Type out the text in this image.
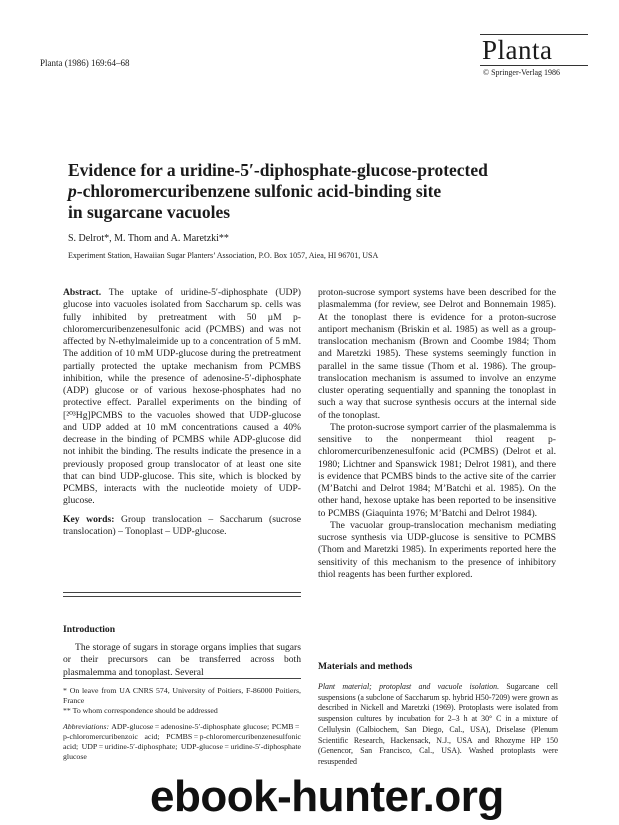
Planta (1986) 169:64–68	Planta
© Springer-Verlag 1986
Evidence for a uridine-5′-diphosphate-glucose-protected
p-chloromercuribenzene sulfonic acid-binding site
in sugarcane vacuoles
S. Delrot*, M. Thom and A. Maretzki**
Experiment Station, Hawaiian Sugar Planters’ Association, P.O. Box 1057, Aiea, HI 96701, USA

Abstract. The uptake of uridine-5′-diphosphate (UDP) glucose into vacuoles isolated from Saccharum sp. cells was fully inhibited by pretreatment with 50 µM p-chloromercuribenzenesulfonic acid (PCMBS) and was not affected by N-ethylmaleimide up to a concentration of 5 mM. The addition of 10 mM UDP-glucose during the pretreatment partially protected the uptake mechanism from PCMBS inhibition, while the presence of adenosine-5′-diphosphate (ADP) glucose or of various hexose-phosphates had no protective effect. Parallel experiments on the binding of [²⁰³Hg]PCMBS to the vacuoles showed that UDP-glucose and UDP added at 10 mM concentrations caused a 40% decrease in the binding of PCMBS while ADP-glucose did not inhibit the binding. The results indicate the presence in a previously proposed group translocator of at least one site that can bind UDP-glucose. This site, which is blocked by PCMBS, interacts with the nucleotide moiety of UDP-glucose.

Key words: Group translocation – Saccharum (sucrose translocation) – Tonoplast – UDP-glucose.

Introduction

The storage of sugars in storage organs implies that sugars or their precursors can be transferred across both plasmalemma and tonoplast. Several

* On leave from UA CNRS 574, University of Poitiers, F-86000 Poitiers, France

** To whom correspondence should be addressed

Abbreviations: ADP-glucose = adenosine-5′-diphosphate glucose; PCMB = p-chloromercuribenzoic acid; PCMBS = p-chloromercuribenzenesulfonic acid; UDP = uridine-5′-diphosphate; UDP-glucose = uridine-5′-diphosphate glucose

proton-sucrose symport systems have been described for the plasmalemma (for review, see Delrot and Bonnemain 1985). At the tonoplast there is evidence for a proton-sucrose antiport mechanism (Briskin et al. 1985) as well as a group-translocation mechanism (Brown and Coombe 1984; Thom and Maretzki 1985). These systems seemingly function in parallel in the same tissue (Thom et al. 1986). The group-translocation mechanism is assumed to involve an enzyme cluster operating sequentially and spanning the tonoplast in such a way that sucrose synthesis occurs at the internal side of the tonoplast.

The proton-sucrose symport carrier of the plasmalemma is sensitive to the nonpermeant thiol reagent p-chloromercuribenzenesulfonic acid (PCMBS) (Delrot et al. 1980; Lichtner and Spanswick 1981; Delrot 1981), and there is evidence that PCMBS binds to the active site of the carrier (M’Batchi and Delrot 1984; M’Batchi et al. 1985). On the other hand, hexose uptake has been reported to be insensitive to PCMBS (Giaquinta 1976; M’Batchi and Delrot 1984).

The vacuolar group-translocation mechanism mediating sucrose synthesis via UDP-glucose is sensitive to PCMBS (Thom and Maretzki 1985). In experiments reported here the sensitivity of this mechanism to the presence of inhibitory thiol reagents has been further explored.

Materials and methods
Plant material; protoplast and vacuole isolation. Sugarcane cell suspensions (a subclone of Saccharum sp. hybrid H50-7209) were grown as described in Nickell and Maretzki (1969). Protoplasts were isolated from suspension cultures by incubation for 2–3 h at 30° C in a mixture of Cellulysin (Calbiochem, San Diego, Cal., USA), Driselase (Plenum Scientific Research, Hackensack, N.J., USA and Rhozyme HP 150 (Genencor, San Francisco, Cal., USA). Washed protoplasts were resuspended
ebook-hunter.org
